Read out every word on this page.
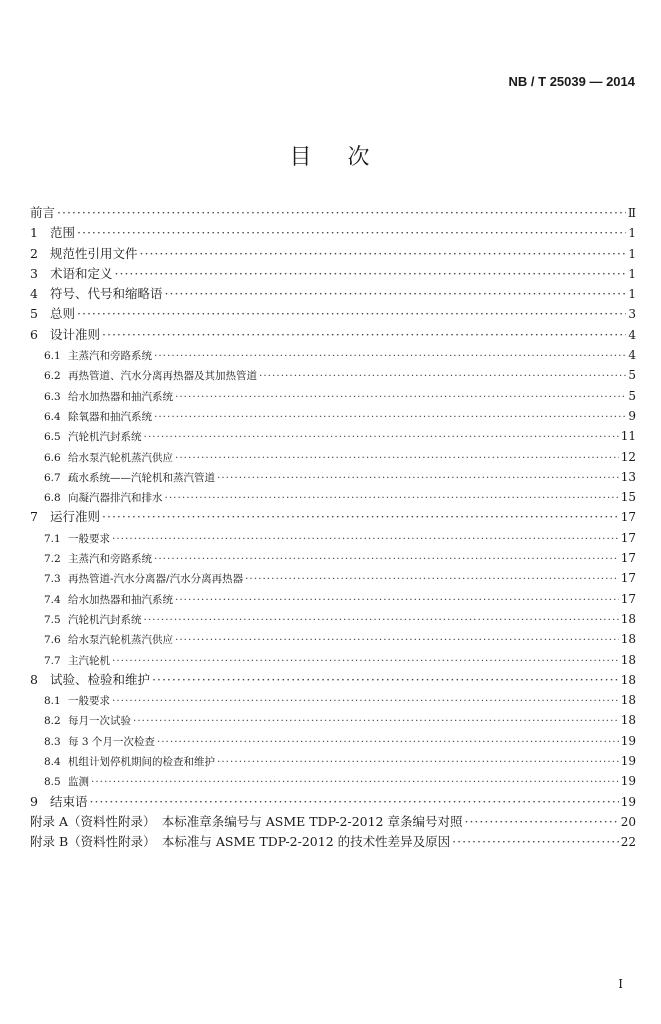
NB / T 25039 — 2014
目 次
前言 ·····	Ⅱ
1 范围 ·····	1
2 规范性引用文件 ·····	1
3 术语和定义 ·····	1
4 符号、代号和缩略语 ·····	1
5 总则 ·····	3
6 设计准则 ·····	4
6.1 主蒸汽和旁路系统 ·····	4
6.2 再热管道、汽水分离再热器及其加热管道 ·····	5
6.3 给水加热器和抽汽系统 ·····	5
6.4 除氧器和抽汽系统 ·····	9
6.5 汽轮机汽封系统 ·····	11
6.6 给水泵汽轮机蒸汽供应 ·····	12
6.7 疏水系统——汽轮机和蒸汽管道 ·····	13
6.8 向凝汽器排汽和排水 ·····	15
7 运行准则 ·····	17
7.1 一般要求 ·····	17
7.2 主蒸汽和旁路系统 ·····	17
7.3 再热管道-汽水分离器/汽水分离再热器 ·····	17
7.4 给水加热器和抽汽系统 ·····	17
7.5 汽轮机汽封系统 ·····	18
7.6 给水泵汽轮机蒸汽供应 ·····	18
7.7 主汽轮机 ·····	18
8 试验、检验和维护 ·····	18
8.1 一般要求 ·····	18
8.2 每月一次试验 ·····	18
8.3 每 3 个月一次检查 ·····	19
8.4 机组计划停机期间的检查和维护 ·····	19
8.5 监测 ·····	19
9 结束语 ·····	19
附录 A（资料性附录）　本标准章条编号与 ASME TDP-2-2012 章条编号对照 ·····	20
附录 B（资料性附录）　本标准与 ASME TDP-2-2012 的技术性差异及原因 ·····	22
I
